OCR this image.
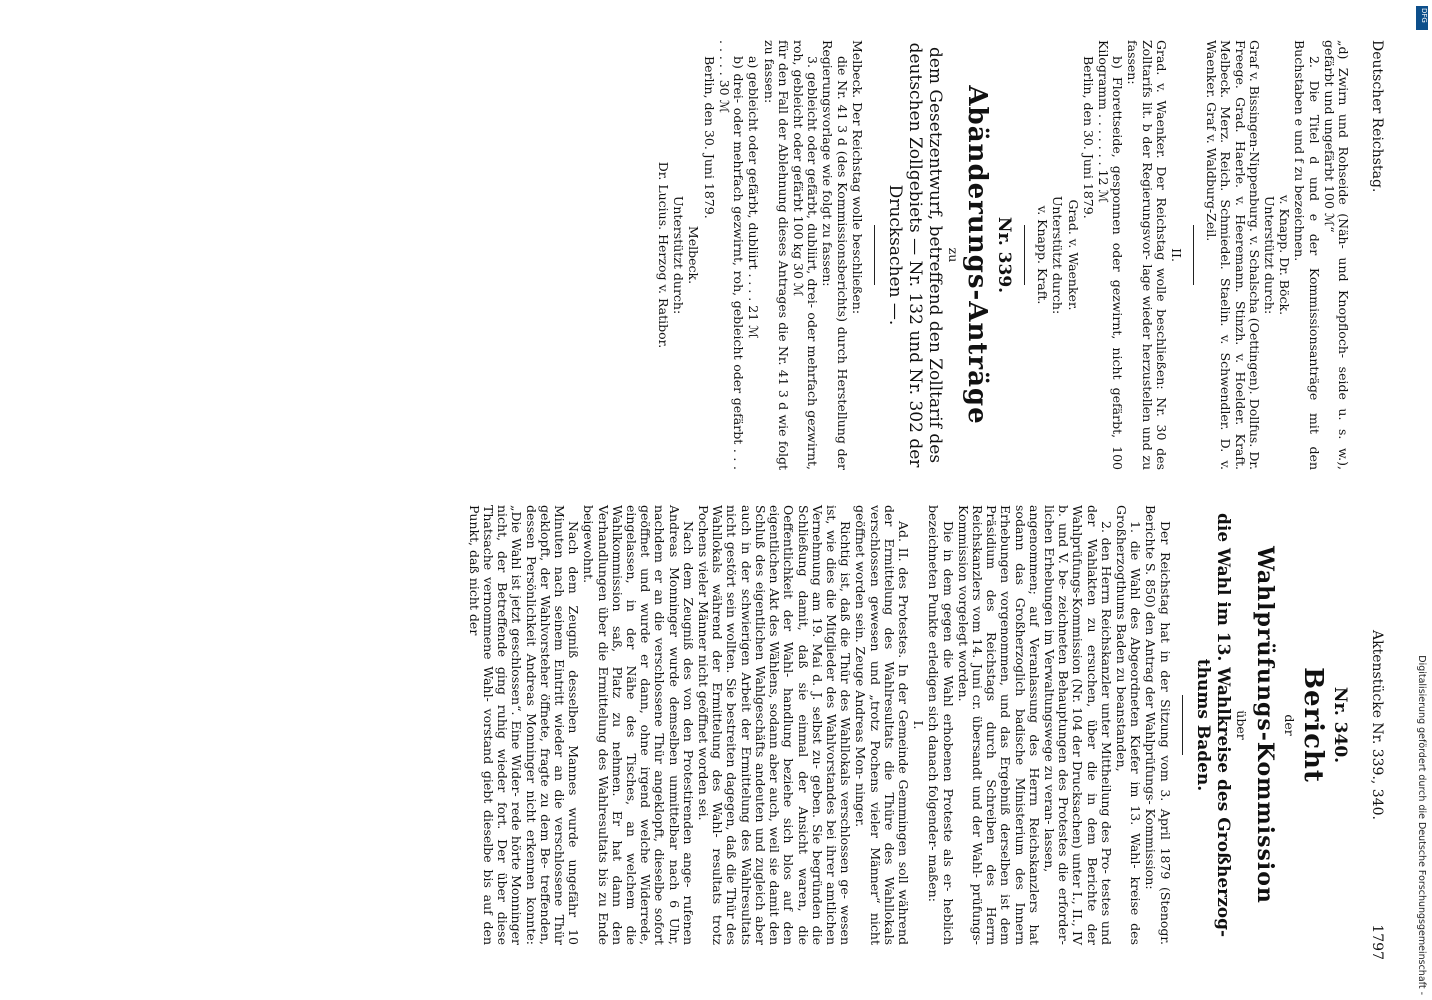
Deutscher Reichstag.
Aktenstücke Nr. 339., 340.
1797

„d) Zwirn und Rohseide (Näh- und Knopfloch- seide u. s. w.), gefärbt und ungefärbt 100 ℳ“

2. Die Titel d und e der Kommissionsanträge mit den Buchstaben e und f zu bezeichnen.

v. Knapp. Dr. Böck.

Unterstützt durch:

Graf v. Bissingen-Nippenburg. v. Schalscha (Oettingen). Dollfus. Dr. Freege. Grad. Haerle. v. Heeremann. Stinzh. v. Hoelder. Kraft. Melbeck. Merz. Reich. Schmiedel. Staelin. v. Schwendler. D. v. Waenker. Graf v. Waldburg-Zeil.

II.

Grad. v. Waenker. Der Reichstag wolle beschließen: Nr. 30 des Zolltarifs lit. b der Regierungsvor- lage wieder herzustellen und zu fassen:

b) Florettseide, gesponnen oder gezwirnt, nicht gefärbt, 100 Kilogramm . . . . . . . 12 ℳ

Berlin, den 30. Juni 1879.

Grad. v. Waenker.

Unterstützt durch:

v. Knapp. Kraft.

Nr. 339.

Abänderungs-Anträge

zu

dem Gesetzentwurf, betreffend den Zolltarif des deutschen Zollgebiets — Nr. 132 und Nr. 302 der Drucksachen —.

Melbeck. Der Reichstag wolle beschließen:

die Nr. 41 3 d (des Kommissionsberichts) durch Herstellung der Regierungsvorlage wie folgt zu fassen:

3. gebleicht oder gefärbt, dubliirt, drei- oder mehrfach gezwirnt, roh, gebleicht oder gefärbt 100 kg 30 ℳ

für den Fall der Ablehnung dieses Antrages die Nr. 41 3 d wie folgt zu fassen:

a) gebleicht oder gefärbt, dubliirt . . . . 21 ℳ

b) drei- oder mehrfach gezwirnt, roh, gebleicht oder gefärbt . . . . . . . . 30 ℳ

Berlin, den 30. Juni 1879.

Melbeck.

Unterstützt durch:

Dr. Lucius. Herzog v. Ratibor.

Nr. 340.

Bericht

der

Wahlprüfungs-Kommission

über

die Wahl im 13. Wahlkreise des Großherzog- thums Baden.

Der Reichstag hat in der Sitzung vom 3. April 1879 (Stenogr. Berichte S. 850) den Antrag der Wahlprüfungs- Kommission:

1. die Wahl des Abgeordneten Kiefer im 13. Wahl- kreise des Großherzogthums Baden zu beanstanden,

2. den Herrn Reichskanzler unter Mittheilung des Pro- testes und der Wahlakten zu ersuchen, über die in dem Berichte der Wahlprüfungs-Kommission (Nr. 104 der Drucksachen) unter I., II., IV b. und V. be- zeichneten Behauptungen des Protestes die erforder- lichen Erhebungen im Verwaltungswege zu veran- lassen,

angenommen; auf Veranlassung des Herrn Reichskanzlers hat sodann das Großherzoglich badische Ministerium des Innern Erhebungen vorgenommen, und das Ergebniß derselben ist dem Präsidium des Reichstags durch Schreiben des Herrn Reichskanzlers vom 14. Juni cr. übersandt und der Wahl- prüfungs-Kommission vorgelegt worden.

Die in dem gegen die Wahl erhobenen Proteste als er- heblich bezeichneten Punkte erledigen sich danach folgender- maßen:

I.

Ad. II. des Protestes. In der Gemeinde Gemmingen soll während der Ermittelung des Wahlresultats die Thüre des Wahllokals verschlossen gewesen und „trotz Pochens vieler Männer“ nicht geöffnet worden sein. Zeuge Andreas Mon- ninger.

Richtig ist, daß die Thür des Wahllokals verschlossen ge- wesen ist, wie dies die Mitglieder des Wahlvorstandes bei ihrer amtlichen Vernehmung am 19. Mai d. J. selbst zu- geben. Sie begründen die Schließung damit, daß sie einmal der Ansicht waren, die Oeffentlichkeit der Wahl- handlung beziehe sich blos auf den eigentlichen Akt des Wählens, sodann aber auch, weil sie damit den Schluß des eigentlichen Wahlgeschäfts andeuten und zugleich aber auch in der schwierigen Arbeit der Ermittelung des Wahlresultats nicht gestört sein wollten. Sie bestreiten dagegen, daß die Thür des Wahllokals während der Ermittelung des Wahl- resultats trotz Pochens vieler Männer nicht geöffnet worden sei.

Nach dem Zeugniß des von den Protestirenden ange- rufenen Andreas Monninger wurde demselben unmittelbar nach 6 Uhr, nachdem er an die verschlossene Thür angeklopft, dieselbe sofort geöffnet und wurde er dann, ohne irgend welche Widerrede, eingelassen, in der Nähe des Tisches, an welchem die Wahlkommission saß, Platz zu nehmen. Er hat dann den Verhandlungen über die Ermittelung des Wahlresultats bis zu Ende beigewohnt.

Nach dem Zeugniß desselben Mannes wurde ungefähr 10 Minuten nach seinem Eintritt wieder an die verschlossene Thür geklopft, der Wahlvorsteher öffnete, fragte zu dem Be- treffenden, dessen Persönlichkeit Andreas Monninger nicht erkennen konnte: „Die Wahl ist jetzt geschlossen“. Eine Wider- rede hörte Monninger nicht, der Betreffende ging ruhig wieder fort. Der über diese Thatsache vernommene Wahl- vorstand giebt dieselbe bis auf den Punkt, daß nicht der

Digitalisierung gefördert durch die Deutsche Forschungsgemeinschaft -
DFG
